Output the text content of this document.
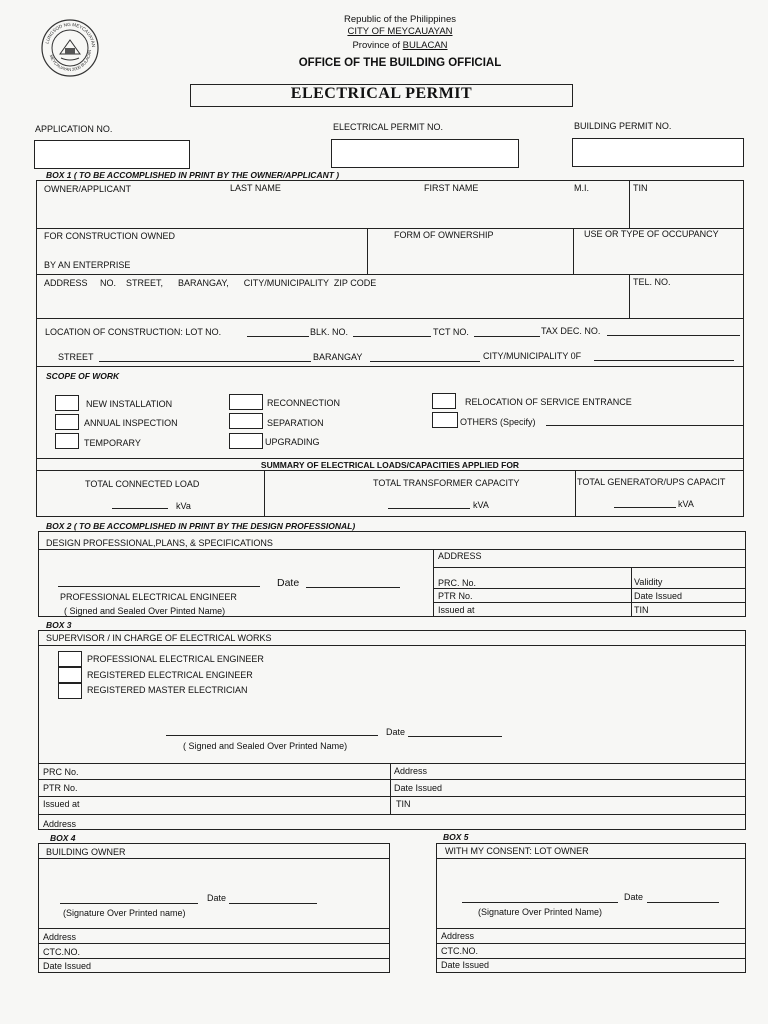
LUNGSOD NG MEYCAUAYAN
MEYCAUAYAN 2006 BULACAN
Republic of the Philippines
CITY OF MEYCAUAYAN
Province of BULACAN
OFFICE OF THE BUILDING OFFICIAL
ELECTRICAL PERMIT
APPLICATION NO.	ELECTRICAL PERMIT NO.	BUILDING PERMIT NO.
BOX 1 ( TO BE ACCOMPLISHED IN PRINT BY THE OWNER/APPLICANT )
OWNER/APPLICANT	LAST NAME	FIRST NAME	M.I.	TIN
FOR CONSTRUCTION OWNED
BY AN ENTERPRISE
FORM OF OWNERSHIP	USE OR TYPE OF OCCUPANCY
ADDRESS     NO.    STREET,      BARANGAY,      CITY/MUNICIPALITY  ZIP CODE	TEL. NO.
LOCATION OF CONSTRUCTION: LOT NO.	BLK. NO.	TCT NO.	TAX DEC. NO.
STREET	BARANGAY	CITY/MUNICIPALITY 0F
SCOPE OF WORK
NEW INSTALLATION
ANNUAL INSPECTION
TEMPORARY
RECONNECTION
SEPARATION
UPGRADING
RELOCATION OF SERVICE ENTRANCE
OTHERS (Specify)
SUMMARY OF ELECTRICAL LOADS/CAPACITIES APPLIED FOR
TOTAL CONNECTED LOAD
kVa
TOTAL TRANSFORMER CAPACITY
kVA
TOTAL GENERATOR/UPS CAPACIT
kVA
BOX 2 ( TO BE ACCOMPLISHED IN PRINT BY THE DESIGN PROFESSIONAL)
DESIGN PROFESSIONAL,PLANS, & SPECIFICATIONS
ADDRESS
Date
PROFESSIONAL ELECTRICAL ENGINEER
( Signed and Sealed Over Pinted Name)
PRC. No.	Validity
PTR No.	Date Issued
Issued at	TIN
BOX 3
SUPERVISOR / IN CHARGE OF ELECTRICAL WORKS
PROFESSIONAL ELECTRICAL ENGINEER
REGISTERED ELECTRICAL ENGINEER
REGISTERED MASTER ELECTRICIAN
Date
( Signed and Sealed Over Printed Name)
PRC No.	Address
PTR No.	Date Issued
Issued at	TIN
Address
BOX 4
BUILDING OWNER
Date
(Signature Over Printed name)
Address
CTC.NO.
Date Issued
BOX 5
WITH MY CONSENT: LOT OWNER
Date
(Signature Over Printed Name)
Address
CTC.NO.
Date Issued
